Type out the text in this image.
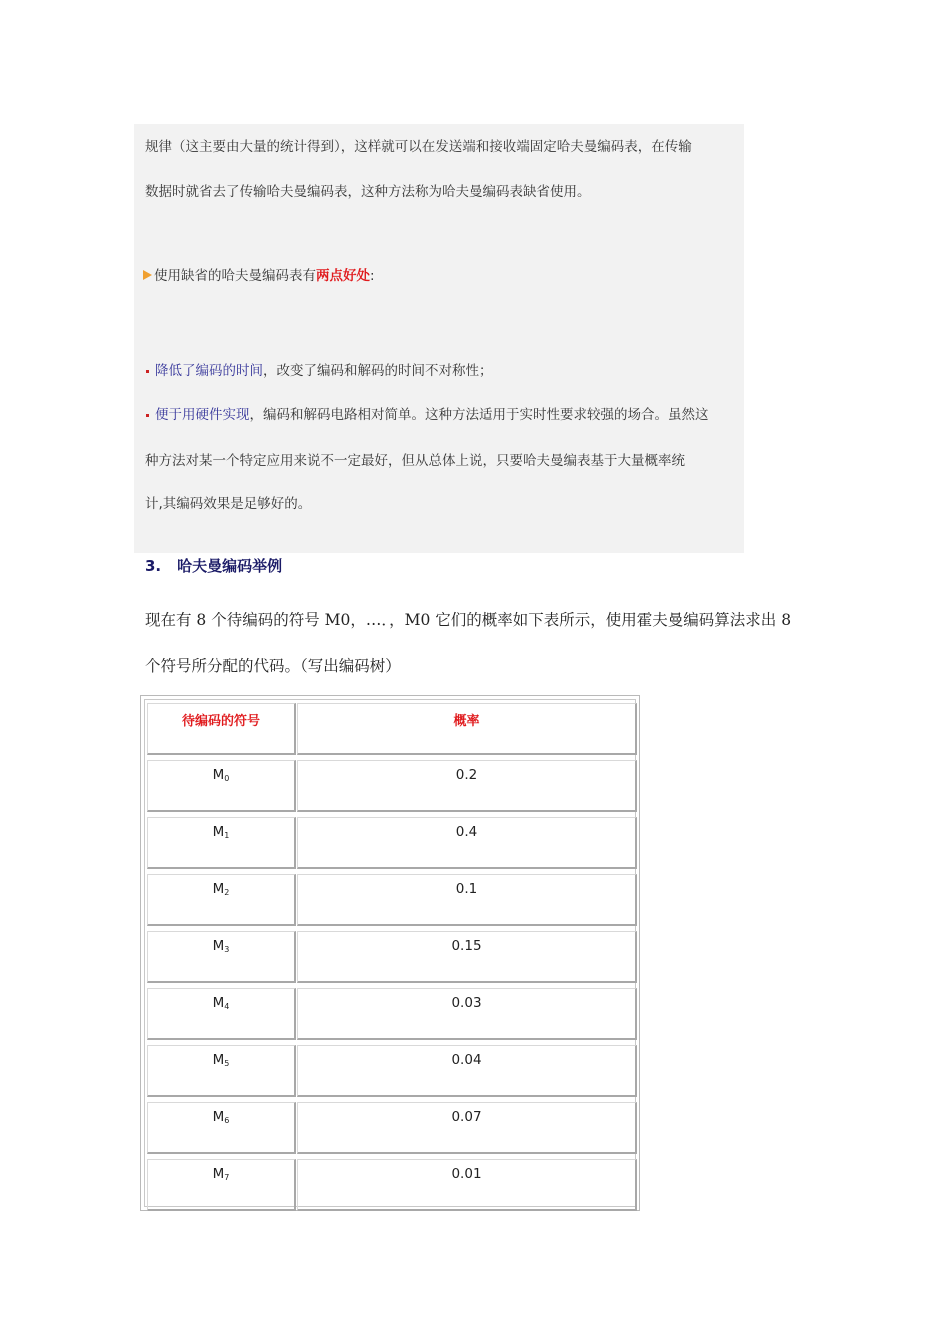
规律（这主要由大量的统计得到），这样就可以在发送端和接收端固定哈夫曼编码表，在传输
数据时就省去了传输哈夫曼编码表，这种方法称为哈夫曼编码表缺省使用。
使用缺省的哈夫曼编码表有两点好处:
降低了编码的时间，改变了编码和解码的时间不对称性；
便于用硬件实现，编码和解码电路相对简单。这种方法适用于实时性要求较强的场合。虽然这
种方法对某一个特定应用来说不一定最好，但从总体上说，只要哈夫曼编表基于大量概率统
计,其编码效果是足够好的。
3. 哈夫曼编码举例
现在有 8 个待编码的符号 M0，…．，M0 它们的概率如下表所示，使用霍夫曼编码算法求出 8
个符号所分配的代码。（写出编码树）
待编码的符号	概率
$M_0$	0.2
$M_1$	0.4
$M_2$	0.1
$M_3$	0.15
$M_4$	0.03
$M_5$	0.04
$M_6$	0.07
$M_7$	0.01
